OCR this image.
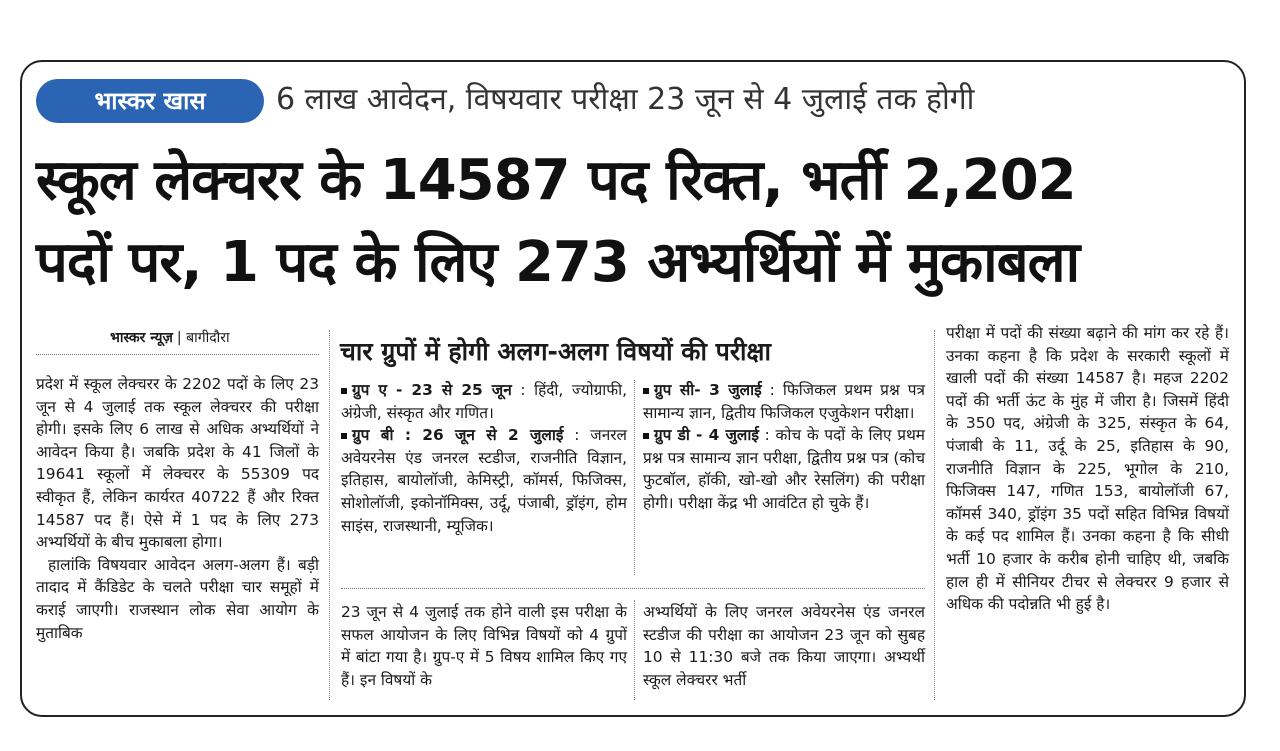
भास्कर खास	6 लाख आवेदन, विषयवार परीक्षा 23 जून से 4 जुलाई तक होगी
स्कूल लेक्चरर के 14587 पद रिक्त, भर्ती 2,202
पदों पर, 1 पद के लिए 273 अभ्यर्थियों में मुकाबला
भास्कर न्यूज़ | बागीदौरा

प्रदेश में स्कूल लेक्चरर के 2202 पदों के लिए 23 जून से 4 जुलाई तक स्कूल लेक्चरर की परीक्षा होगी। इसके लिए 6 लाख से अधिक अभ्यर्थियों ने आवेदन किया है। जबकि प्रदेश के 41 जिलों के 19641 स्कूलों में लेक्चरर के 55309 पद स्वीकृत हैं, लेकिन कार्यरत 40722 हैं और रिक्त 14587 पद हैं। ऐसे में 1 पद के लिए 273 अभ्यर्थियों के बीच मुकाबला होगा।

हालांकि विषयवार आवेदन अलग-अलग हैं। बड़ी तादाद में कैंडिडेट के चलते परीक्षा चार समूहों में कराई जाएगी। राजस्थान लोक सेवा आयोग के मुताबिक

चार ग्रुपों में होगी अलग-अलग विषयों की परीक्षा

ग्रुप ए - 23 से 25 जून : हिंदी, ज्योग्राफी, अंग्रेजी, संस्कृत और गणित।

ग्रुप बी : 26 जून से 2 जुलाई : जनरल अवेयरनेस एंड जनरल स्टडीज, राजनीति विज्ञान, इतिहास, बायोलॉजी, केमिस्ट्री, कॉमर्स, फिजिक्स, सोशोलॉजी, इकोनॉमिक्स, उर्दू, पंजाबी, ड्रॉइंग, होम साइंस, राजस्थानी, म्यूजिक।

ग्रुप सी- 3 जुलाई : फिजिकल प्रथम प्रश्न पत्र सामान्य ज्ञान, द्वितीय फिजिकल एजुकेशन परीक्षा।

ग्रुप डी - 4 जुलाई : कोच के पदों के लिए प्रथम प्रश्न पत्र सामान्य ज्ञान परीक्षा, द्वितीय प्रश्न पत्र (कोच फुटबॉल, हॉकी, खो-खो और रेसलिंग) की परीक्षा होगी। परीक्षा केंद्र भी आवंटित हो चुके हैं।

23 जून से 4 जुलाई तक होने वाली इस परीक्षा के सफल आयोजन के लिए विभिन्न विषयों को 4 ग्रुपों में बांटा गया है। ग्रुप-ए में 5 विषय शामिल किए गए हैं। इन विषयों के

अभ्यर्थियों के लिए जनरल अवेयरनेस एंड जनरल स्टडीज की परीक्षा का आयोजन 23 जून को सुबह 10 से 11:30 बजे तक किया जाएगा। अभ्यर्थी स्कूल लेक्चरर भर्ती

परीक्षा में पदों की संख्या बढ़ाने की मांग कर रहे हैं। उनका कहना है कि प्रदेश के सरकारी स्कूलों में खाली पदों की संख्या 14587 है। महज 2202 पदों की भर्ती ऊंट के मुंह में जीरा है। जिसमें हिंदी के 350 पद, अंग्रेजी के 325, संस्कृत के 64, पंजाबी के 11, उर्दू के 25, इतिहास के 90, राजनीति विज्ञान के 225, भूगोल के 210, फिजिक्स 147, गणित 153, बायोलॉजी 67, कॉमर्स 340, ड्रॉइंग 35 पदों सहित विभिन्न विषयों के कई पद शामिल हैं। उनका कहना है कि सीधी भर्ती 10 हजार के करीब होनी चाहिए थी, जबकि हाल ही में सीनियर टीचर से लेक्चरर 9 हजार से अधिक की पदोन्नति भी हुई है।
